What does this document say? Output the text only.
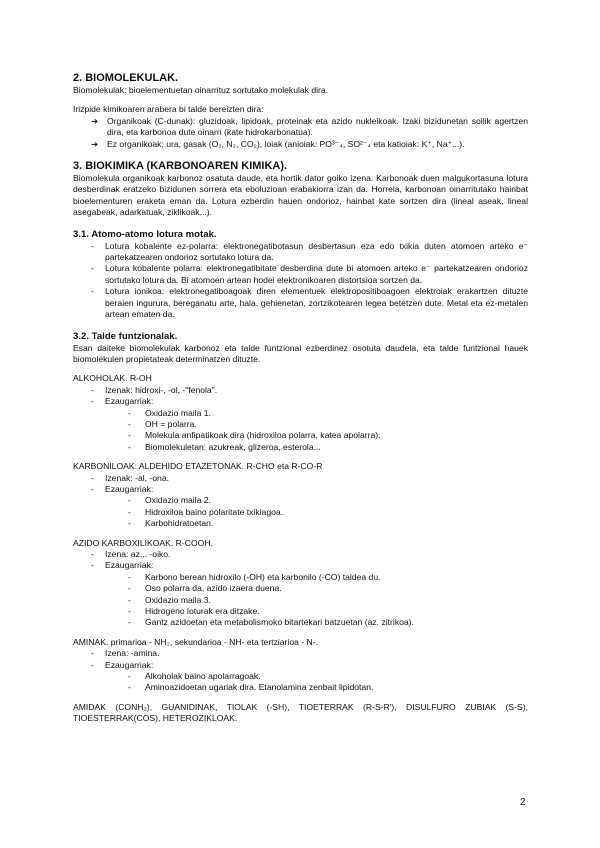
2. BIOMOLEKULAK.

Biomolekulak: bioelementuetan oinarrituz sortutako molekulak dira.

Irizpide kimikoaren arabera bi talde bereizten dira:

➔ Organikoak (C-dunak): gluzidoak, lipidoak, proteinak eta azido nukleikoak. Izaki bizidunetan soilik agertzen dira, eta karbonoa dute oinarri (kate hidrokarbonatua).
➔ Ez organikoak; ura, gasak (O₂, N₂, CO₂), ioiak (anioiak: PO³⁻₄, SO²⁻₄ eta katioiak: K⁺, Na⁺...).
3. BIOKIMIKA (KARBONOAREN KIMIKA).

Biomolekula organikoak karbonoz osatuta daude, eta hortik dator goiko izena. Karbonoak duen malgukortasuna lotura desberdinak eratzeko bizidunen sorrera eta eboluzioan erabakiorra izan da. Horrela, karbonoan oinarritutako hainbat bioelementuren eraketa eman da. Lotura ezberdin hauen ondorioz, hainbat kate sortzen dira (lineal aseak, lineal asegabeak, adarkatuak, ziklikoak...).

3.1. Atomo-atomo lotura motak.
- Lotura kobalente ez-polarra: elektronegatibotasun desbertasun eza edo txikia duten atomoen arteko e⁻ partekatzearen ondorioz sortutako lotura da.
- Lotura kobalente polarra: elektronegatibitate desberdina dute bi atomoen arteko e⁻ partekatzearen ondorioz sortutako lotura da. Bi atomoen artean hodei elektronikoaren distortsioa sortzen da.
- Lotura ionikoa: elektronegatiboagoak diren elementuek elektropositiboagoen elektroiak erakartzen dituzte beraien ingurura, bereganatu arte, hala, gehienetan, zortzikotearen legea betetzen dute. Metal eta ez-metalen artean ematen da.
3.2. Talde funtzionalak.

Esan daiteke biomolekulak karbonoz eta talde funtzional ezberdinez osotuta daudela, eta talde funtzional hauek biomolekulen propietateak determinatzen dituzte.

ALKOHOLAK. R-OH

- Izenak: hidroxi-, -ol, -"fenola".
- Ezaugarriak:
- Oxidazio maila 1.
- OH = polarra.
- Molekula anfipatikoak dira (hidroxiloa polarra, katea apolarra).
- Biomolekuletan: azukreak, glizeroa, esterola...

KARBONILOAK: ALDEHIDO ETAZETONAK. R-CHO eta R-CO-R

- Izenak: -al, -ona.
- Ezaugarriak:
- Oxidazio maila 2.
- Hidroxiloa baino polaritate txikiagoa.
- Karbohidratoetan.

AZIDO KARBOXILIKOAK. R-COOH.

- Izena: az... -oiko.
- Ezaugarriak:
- Karbono berean hidroxilo (-OH) eta karbonilo (-CO) taldea du.
- Oso polarra da, azido izaera duena.
- Oxidazio maila 3.
- Hidrogeno loturak era ditzake.
- Gantz azidoetan eta metabolismoko bitartekari batzuetan (az. zitrikoa).

AMINAK. primarioa - NH₂, sekundarioa - NH- eta tertziarioa - N-.

- Izena: -amina.
- Ezaugarriak:
- Alkoholak baino apolarragoak.
- Aminoazidoetan ugariak dira. Etanolamina zenbait lipidotan.

AMIDAK (CONH₂), GUANIDINAK, TIOLAK (-SH), TIOETERRAK (R-S-R'), DISULFURO ZUBIAK (S-S), TIOESTERRAK(COS), HETEROZIKLOAK.

2
